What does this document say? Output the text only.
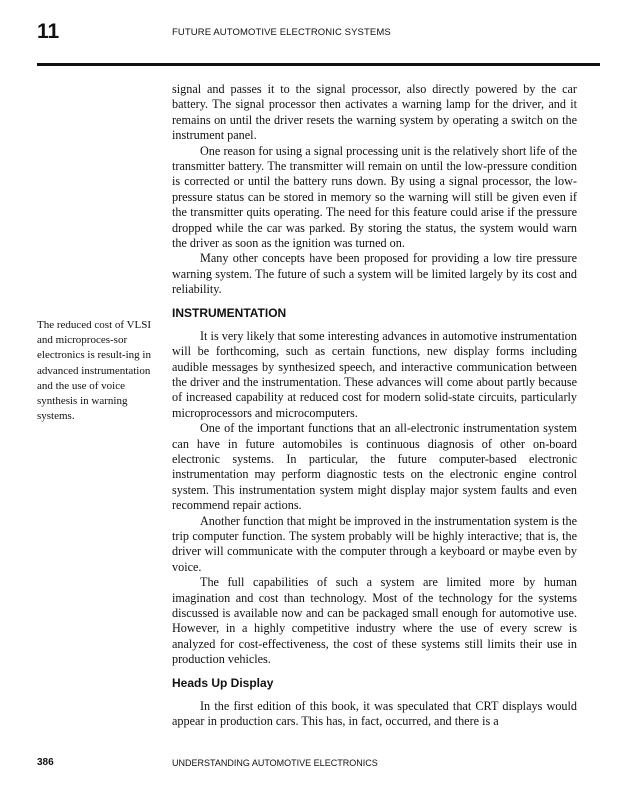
11	FUTURE AUTOMOTIVE ELECTRONIC SYSTEMS
The reduced cost of VLSI and microproces-sor electronics is result-ing in advanced instrumentation and the use of voice synthesis in warning systems.

signal and passes it to the signal processor, also directly powered by the car battery. The signal processor then activates a warning lamp for the driver, and it remains on until the driver resets the warning system by operating a switch on the instrument panel.

One reason for using a signal processing unit is the relatively short life of the transmitter battery. The transmitter will remain on until the low-pressure condition is corrected or until the battery runs down. By using a signal processor, the low-pressure status can be stored in memory so the warning will still be given even if the transmitter quits operating. The need for this feature could arise if the pressure dropped while the car was parked. By storing the status, the system would warn the driver as soon as the ignition was turned on.

Many other concepts have been proposed for providing a low tire pressure warning system. The future of such a system will be limited largely by its cost and reliability.

INSTRUMENTATION

It is very likely that some interesting advances in automotive instrumentation will be forthcoming, such as certain functions, new display forms including audible messages by synthesized speech, and interactive communication between the driver and the instrumentation. These advances will come about partly because of increased capability at reduced cost for modern solid-state circuits, particularly microprocessors and microcomputers.

One of the important functions that an all-electronic instrumentation system can have in future automobiles is continuous diagnosis of other on-board electronic systems. In particular, the future computer-based electronic instrumentation may perform diagnostic tests on the electronic engine control system. This instrumentation system might display major system faults and even recommend repair actions.

Another function that might be improved in the instrumentation system is the trip computer function. The system probably will be highly interactive; that is, the driver will communicate with the computer through a keyboard or maybe even by voice.

The full capabilities of such a system are limited more by human imagination and cost than technology. Most of the technology for the systems discussed is available now and can be packaged small enough for automotive use. However, in a highly competitive industry where the use of every screw is analyzed for cost-effectiveness, the cost of these systems still limits their use in production vehicles.

Heads Up Display

In the first edition of this book, it was speculated that CRT displays would appear in production cars. This has, in fact, occurred, and there is a

386	UNDERSTANDING AUTOMOTIVE ELECTRONICS
